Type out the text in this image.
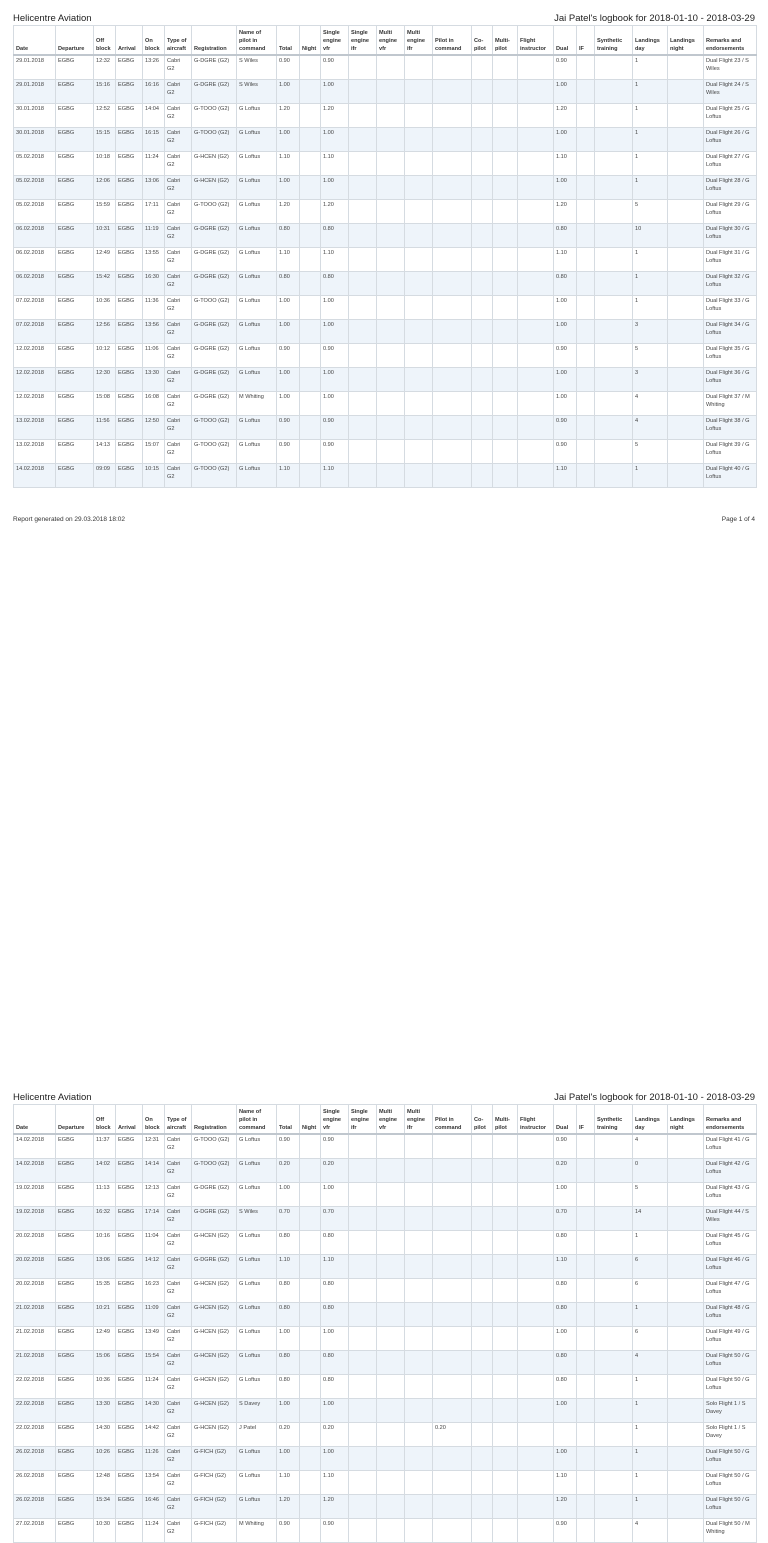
Helicentre Aviation	Jai Patel's logbook for 2018-01-10 - 2018-03-29
Date	Departure	Off block	Arrival	On block	Type of aircraft	Registration	Name of pilot in command	Total	Night	Single engine vfr	Single engine ifr	Multi engine vfr	Multi engine ifr	Pilot in command	Co-pilot	Multi-pilot	Flight instructor	Dual	IF	Synthetic training	Landings day	Landings night	Remarks and endorsements
29.01.2018	EGBG	12:32	EGBG	13:26	Cabri G2	G-DGRE (G2)	S Wiles	0.90		0.90								0.90			1		Dual Flight 23 / S Wiles
29.01.2018	EGBG	15:16	EGBG	16:16	Cabri G2	G-DGRE (G2)	S Wiles	1.00		1.00								1.00			1		Dual Flight 24 / S Wiles
30.01.2018	EGBG	12:52	EGBG	14:04	Cabri G2	G-TOOO (G2)	G Loftus	1.20		1.20								1.20			1		Dual Flight 25 / G Loftus
30.01.2018	EGBG	15:15	EGBG	16:15	Cabri G2	G-TOOO (G2)	G Loftus	1.00		1.00								1.00			1		Dual Flight 26 / G Loftus
05.02.2018	EGBG	10:18	EGBG	11:24	Cabri G2	G-HCEN (G2)	G Loftus	1.10		1.10								1.10			1		Dual Flight 27 / G Loftus
05.02.2018	EGBG	12:06	EGBG	13:06	Cabri G2	G-HCEN (G2)	G Loftus	1.00		1.00								1.00			1		Dual Flight 28 / G Loftus
05.02.2018	EGBG	15:59	EGBG	17:11	Cabri G2	G-TOOO (G2)	G Loftus	1.20		1.20								1.20			5		Dual Flight 29 / G Loftus
06.02.2018	EGBG	10:31	EGBG	11:19	Cabri G2	G-DGRE (G2)	G Loftus	0.80		0.80								0.80			10		Dual Flight 30 / G Loftus
06.02.2018	EGBG	12:49	EGBG	13:55	Cabri G2	G-DGRE (G2)	G Loftus	1.10		1.10								1.10			1		Dual Flight 31 / G Loftus
06.02.2018	EGBG	15:42	EGBG	16:30	Cabri G2	G-DGRE (G2)	G Loftus	0.80		0.80								0.80			1		Dual Flight 32 / G Loftus
07.02.2018	EGBG	10:36	EGBG	11:36	Cabri G2	G-TOOO (G2)	G Loftus	1.00		1.00								1.00			1		Dual Flight 33 / G Loftus
07.02.2018	EGBG	12:56	EGBG	13:56	Cabri G2	G-DGRE (G2)	G Loftus	1.00		1.00								1.00			3		Dual Flight 34 / G Loftus
12.02.2018	EGBG	10:12	EGBG	11:06	Cabri G2	G-DGRE (G2)	G Loftus	0.90		0.90								0.90			5		Dual Flight 35 / G Loftus
12.02.2018	EGBG	12:30	EGBG	13:30	Cabri G2	G-DGRE (G2)	G Loftus	1.00		1.00								1.00			3		Dual Flight 36 / G Loftus
12.02.2018	EGBG	15:08	EGBG	16:08	Cabri G2	G-DGRE (G2)	M Whiting	1.00		1.00								1.00			4		Dual Flight 37 / M Whiting
13.02.2018	EGBG	11:56	EGBG	12:50	Cabri G2	G-TOOO (G2)	G Loftus	0.90		0.90								0.90			4		Dual Flight 38 / G Loftus
13.02.2018	EGBG	14:13	EGBG	15:07	Cabri G2	G-TOOO (G2)	G Loftus	0.90		0.90								0.90			5		Dual Flight 39 / G Loftus
14.02.2018	EGBG	09:09	EGBG	10:15	Cabri G2	G-TOOO (G2)	G Loftus	1.10		1.10								1.10			1		Dual Flight 40 / G Loftus
Report generated on 29.03.2018 18:02	Page 1 of 4
Helicentre Aviation	Jai Patel's logbook for 2018-01-10 - 2018-03-29
Date	Departure	Off block	Arrival	On block	Type of aircraft	Registration	Name of pilot in command	Total	Night	Single engine vfr	Single engine ifr	Multi engine vfr	Multi engine ifr	Pilot in command	Co-pilot	Multi-pilot	Flight instructor	Dual	IF	Synthetic training	Landings day	Landings night	Remarks and endorsements
14.02.2018	EGBG	11:37	EGBG	12:31	Cabri G2	G-TOOO (G2)	G Loftus	0.90		0.90								0.90			4		Dual Flight 41 / G Loftus
14.02.2018	EGBG	14:02	EGBG	14:14	Cabri G2	G-TOOO (G2)	G Loftus	0.20		0.20								0.20			0		Dual Flight 42 / G Loftus
19.02.2018	EGBG	11:13	EGBG	12:13	Cabri G2	G-DGRE (G2)	G Loftus	1.00		1.00								1.00			5		Dual Flight 43 / G Loftus
19.02.2018	EGBG	16:32	EGBG	17:14	Cabri G2	G-DGRE (G2)	S Wiles	0.70		0.70								0.70			14		Dual Flight 44 / S Wiles
20.02.2018	EGBG	10:16	EGBG	11:04	Cabri G2	G-HCEN (G2)	G Loftus	0.80		0.80								0.80			1		Dual Flight 45 / G Loftus
20.02.2018	EGBG	13:06	EGBG	14:12	Cabri G2	G-DGRE (G2)	G Loftus	1.10		1.10								1.10			6		Dual Flight 46 / G Loftus
20.02.2018	EGBG	15:35	EGBG	16:23	Cabri G2	G-HCEN (G2)	G Loftus	0.80		0.80								0.80			6		Dual Flight 47 / G Loftus
21.02.2018	EGBG	10:21	EGBG	11:09	Cabri G2	G-HCEN (G2)	G Loftus	0.80		0.80								0.80			1		Dual Flight 48 / G Loftus
21.02.2018	EGBG	12:49	EGBG	13:49	Cabri G2	G-HCEN (G2)	G Loftus	1.00		1.00								1.00			6		Dual Flight 49 / G Loftus
21.02.2018	EGBG	15:06	EGBG	15:54	Cabri G2	G-HCEN (G2)	G Loftus	0.80		0.80								0.80			4		Dual Flight 50 / G Loftus
22.02.2018	EGBG	10:36	EGBG	11:24	Cabri G2	G-HCEN (G2)	G Loftus	0.80		0.80								0.80			1		Dual Flight 50 / G Loftus
22.02.2018	EGBG	13:30	EGBG	14:30	Cabri G2	G-HCEN (G2)	S Davey	1.00		1.00								1.00			1		Solo Flight 1 / S Davey
22.02.2018	EGBG	14:30	EGBG	14:42	Cabri G2	G-HCEN (G2)	J Patel	0.20		0.20				0.20							1		Solo Flight 1 / S Davey
26.02.2018	EGBG	10:26	EGBG	11:26	Cabri G2	G-FICH (G2)	G Loftus	1.00		1.00								1.00			1		Dual Flight 50 / G Loftus
26.02.2018	EGBG	12:48	EGBG	13:54	Cabri G2	G-FICH (G2)	G Loftus	1.10		1.10								1.10			1		Dual Flight 50 / G Loftus
26.02.2018	EGBG	15:34	EGBG	16:46	Cabri G2	G-FICH (G2)	G Loftus	1.20		1.20								1.20			1		Dual Flight 50 / G Loftus
27.02.2018	EGBG	10:30	EGBG	11:24	Cabri G2	G-FICH (G2)	M Whiting	0.90		0.90								0.90			4		Dual Flight 50 / M Whiting
